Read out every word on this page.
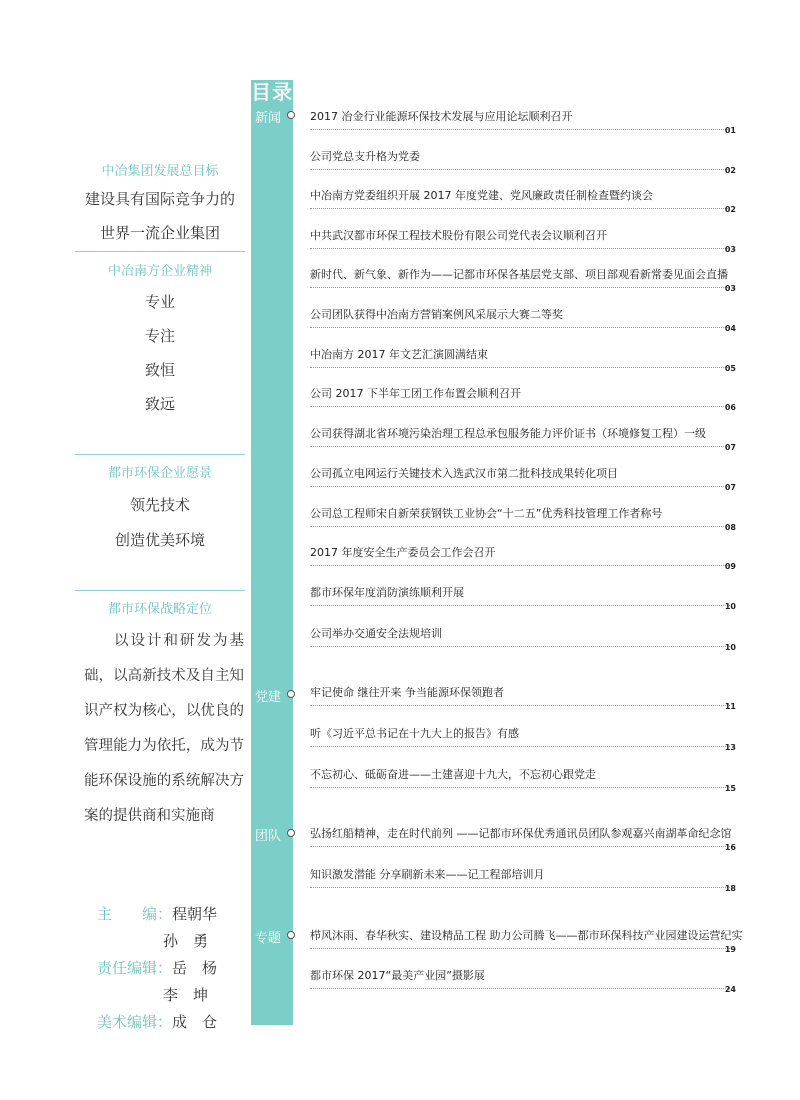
中冶集团发展总目标
建设具有国际竞争力的
世界一流企业集团
中冶南方企业精神
专业
专注
致恒
致远
都市环保企业愿景
领先技术
创造优美环境
都市环保战略定位
以设计和研发为基础，以高新技术及自主知识产权为核心，以优良的管理能力为依托，成为节能环保设施的系统解决方案的提供商和实施商
主　　编：程朝华
孙　勇
责任编辑：岳　杨
李　坤
美术编辑：成　仓
目录
新闻
党建
团队
专题
2017 冶金行业能源环保技术发展与应用论坛顺利召开
01
公司党总支升格为党委
02
中冶南方党委组织开展 2017 年度党建、党风廉政责任制检查暨约谈会
02
中共武汉都市环保工程技术股份有限公司党代表会议顺利召开
03
新时代、新气象、新作为——记都市环保各基层党支部、项目部观看新常委见面会直播
03
公司团队获得中冶南方营销案例风采展示大赛二等奖
04
中冶南方 2017 年文艺汇演圆满结束
05
公司 2017 下半年工团工作布置会顺利召开
06
公司获得湖北省环境污染治理工程总承包服务能力评价证书（环境修复工程）一级
07
公司孤立电网运行关键技术入选武汉市第二批科技成果转化项目
07
公司总工程师宋自新荣获钢铁工业协会“十二五”优秀科技管理工作者称号
08
2017 年度安全生产委员会工作会召开
09
都市环保年度消防演练顺利开展
10
公司举办交通安全法规培训
10
牢记使命 继往开来 争当能源环保领跑者
11
听《习近平总书记在十九大上的报告》有感
13
不忘初心、砥砺奋进——土建喜迎十九大，不忘初心跟党走
15
弘扬红船精神，走在时代前列 ——记都市环保优秀通讯员团队参观嘉兴南湖革命纪念馆
16
知识激发潜能 分享刷新未来——记工程部培训月
18
栉风沐雨、春华秋实、建设精品工程 助力公司腾飞——都市环保科技产业园建设运营纪实
19
都市环保 2017“最美产业园”摄影展
24
